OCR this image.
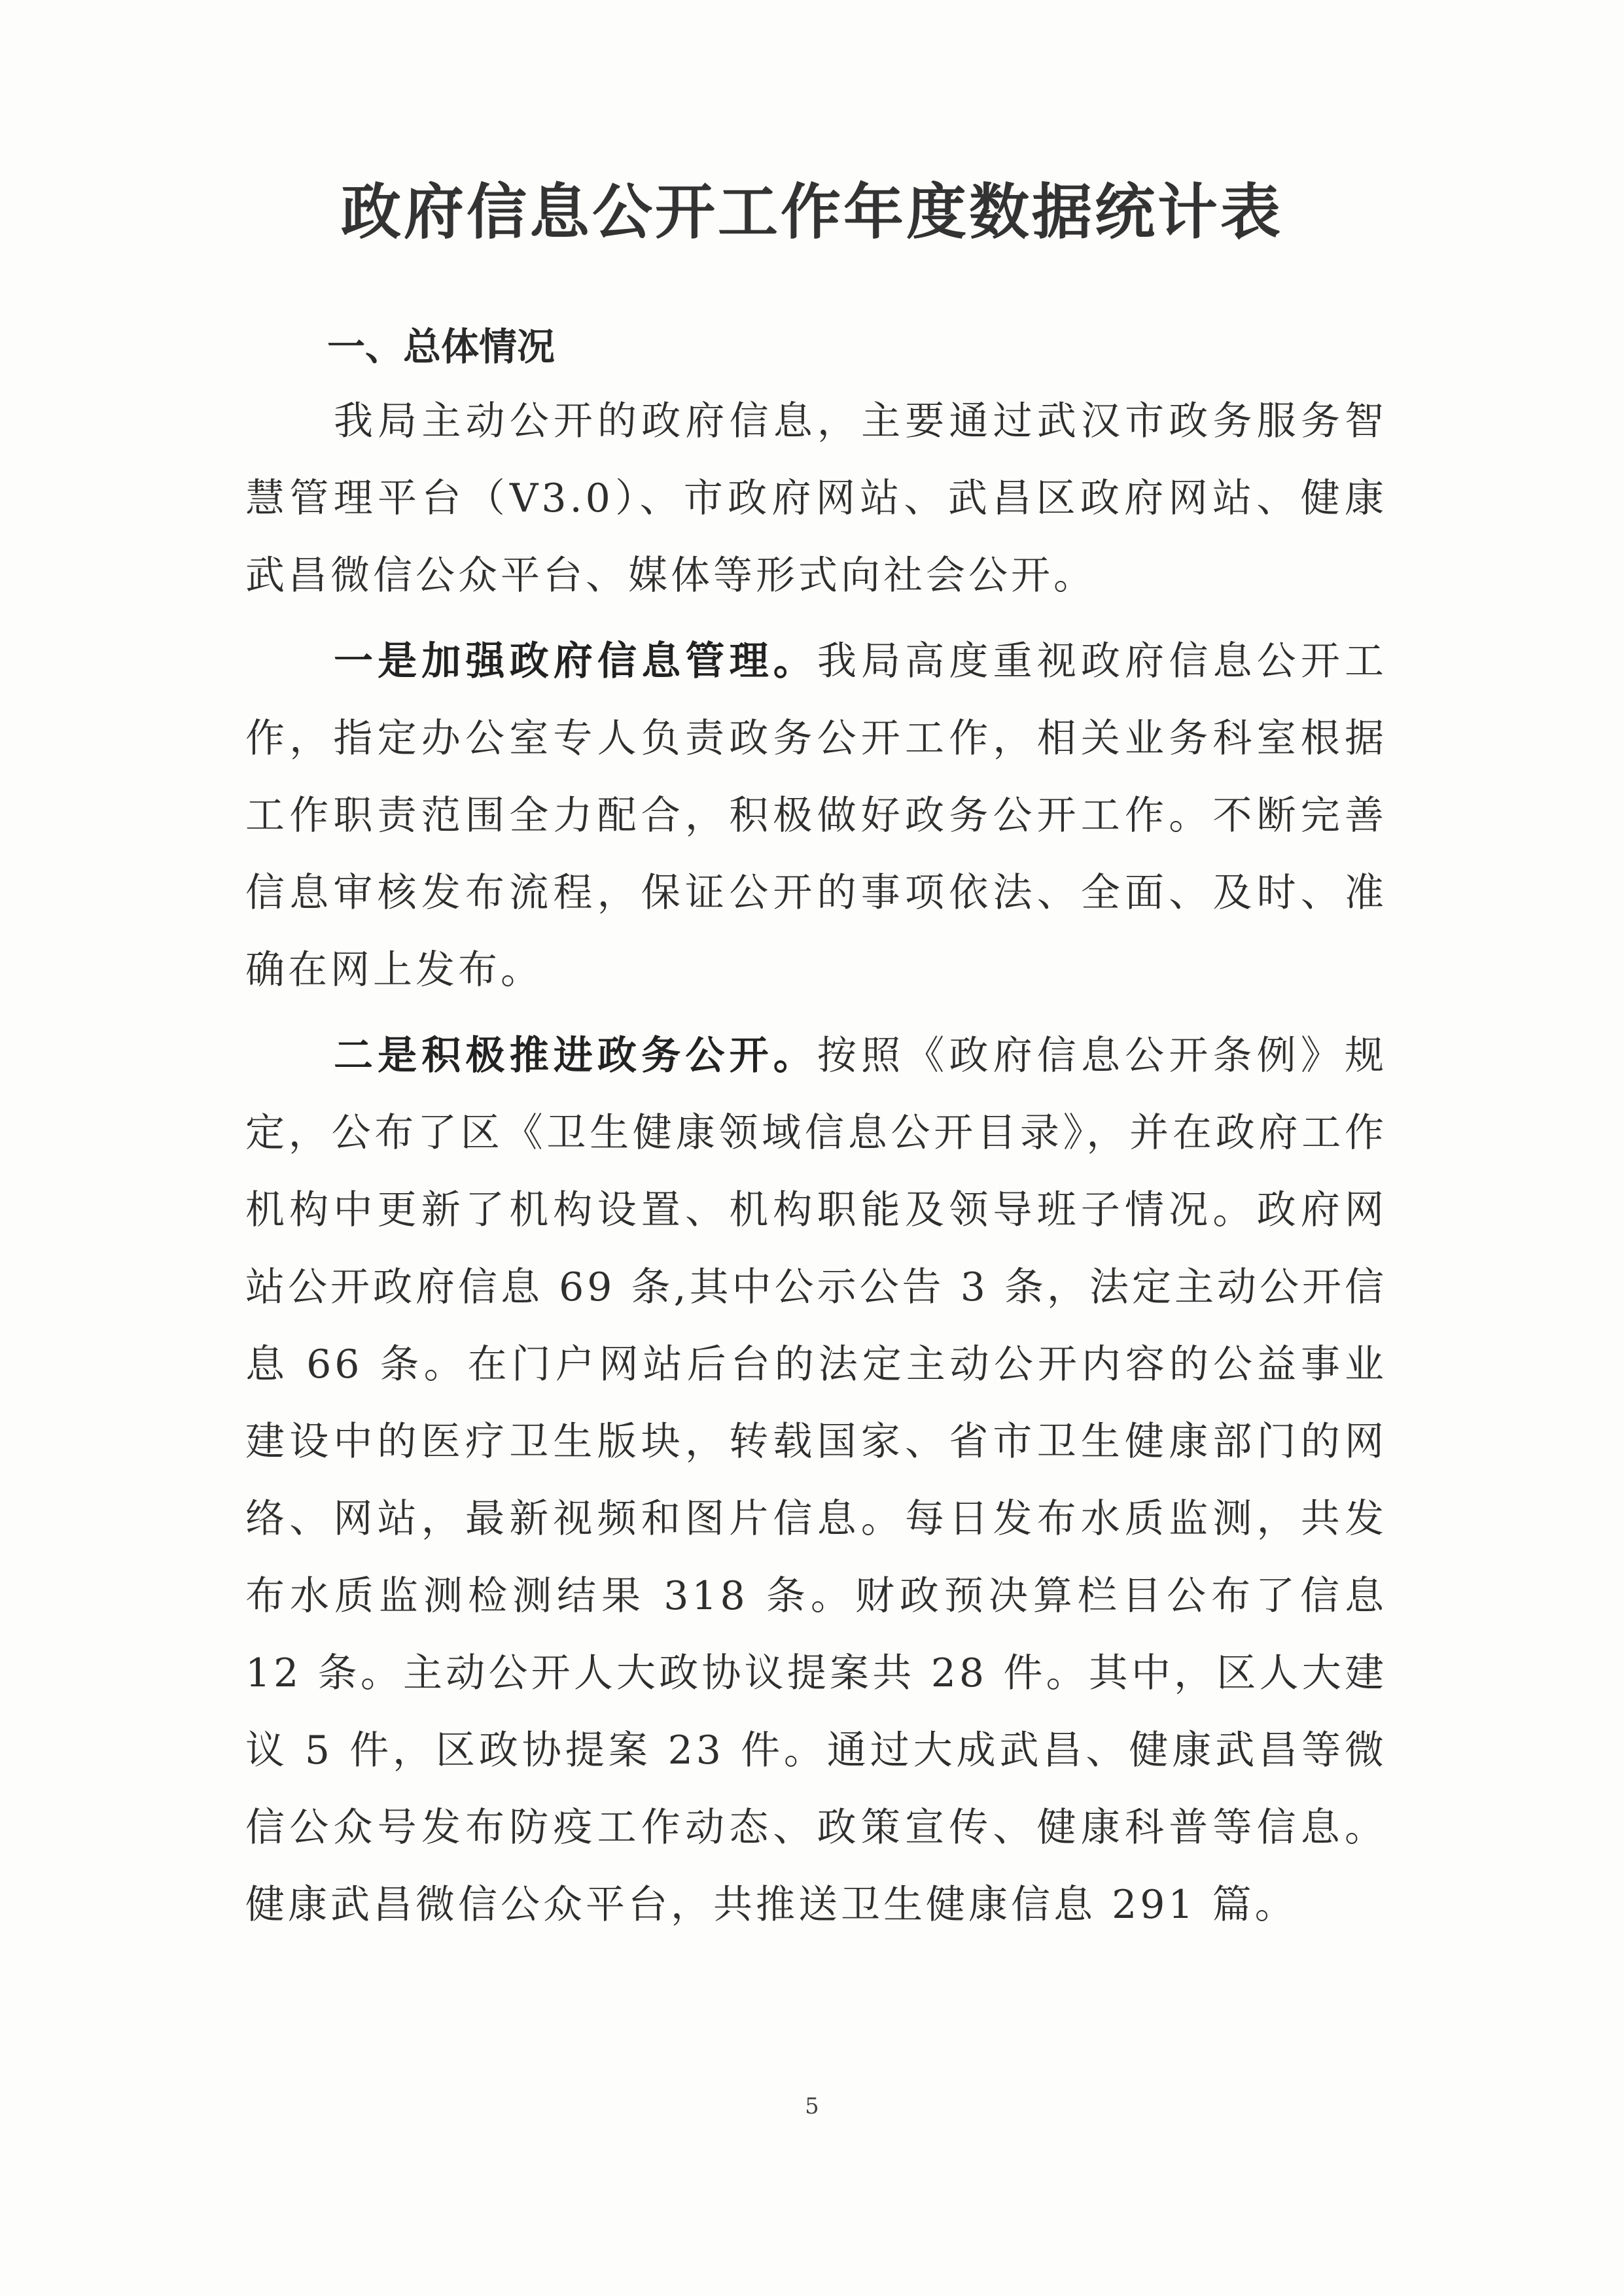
政府信息公开工作年度数据统计表
一、总体情况

我局主动公开的政府信息，主要通过武汉市政务服务智慧管理平台（V3.0）、市政府网站、武昌区政府网站、健康武昌微信公众平台、媒体等形式向社会公开。

一是加强政府信息管理。我局高度重视政府信息公开工作，指定办公室专人负责政务公开工作，相关业务科室根据工作职责范围全力配合，积极做好政务公开工作。不断完善信息审核发布流程，保证公开的事项依法、全面、及时、准确在网上发布。

二是积极推进政务公开。按照《政府信息公开条例》规定，公布了区《卫生健康领域信息公开目录》，并在政府工作机构中更新了机构设置、机构职能及领导班子情况。政府网站公开政府信息 69 条,其中公示公告 3 条，法定主动公开信息 66 条。在门户网站后台的法定主动公开内容的公益事业建设中的医疗卫生版块，转载国家、省市卫生健康部门的网络、网站，最新视频和图片信息。每日发布水质监测，共发布水质监测检测结果 318 条。财政预决算栏目公布了信息 12 条。主动公开人大政协议提案共 28 件。其中，区人大建议 5 件，区政协提案 23 件。通过大成武昌、健康武昌等微信公众号发布防疫工作动态、政策宣传、健康科普等信息。健康武昌微信公众平台，共推送卫生健康信息 291 篇。

5
